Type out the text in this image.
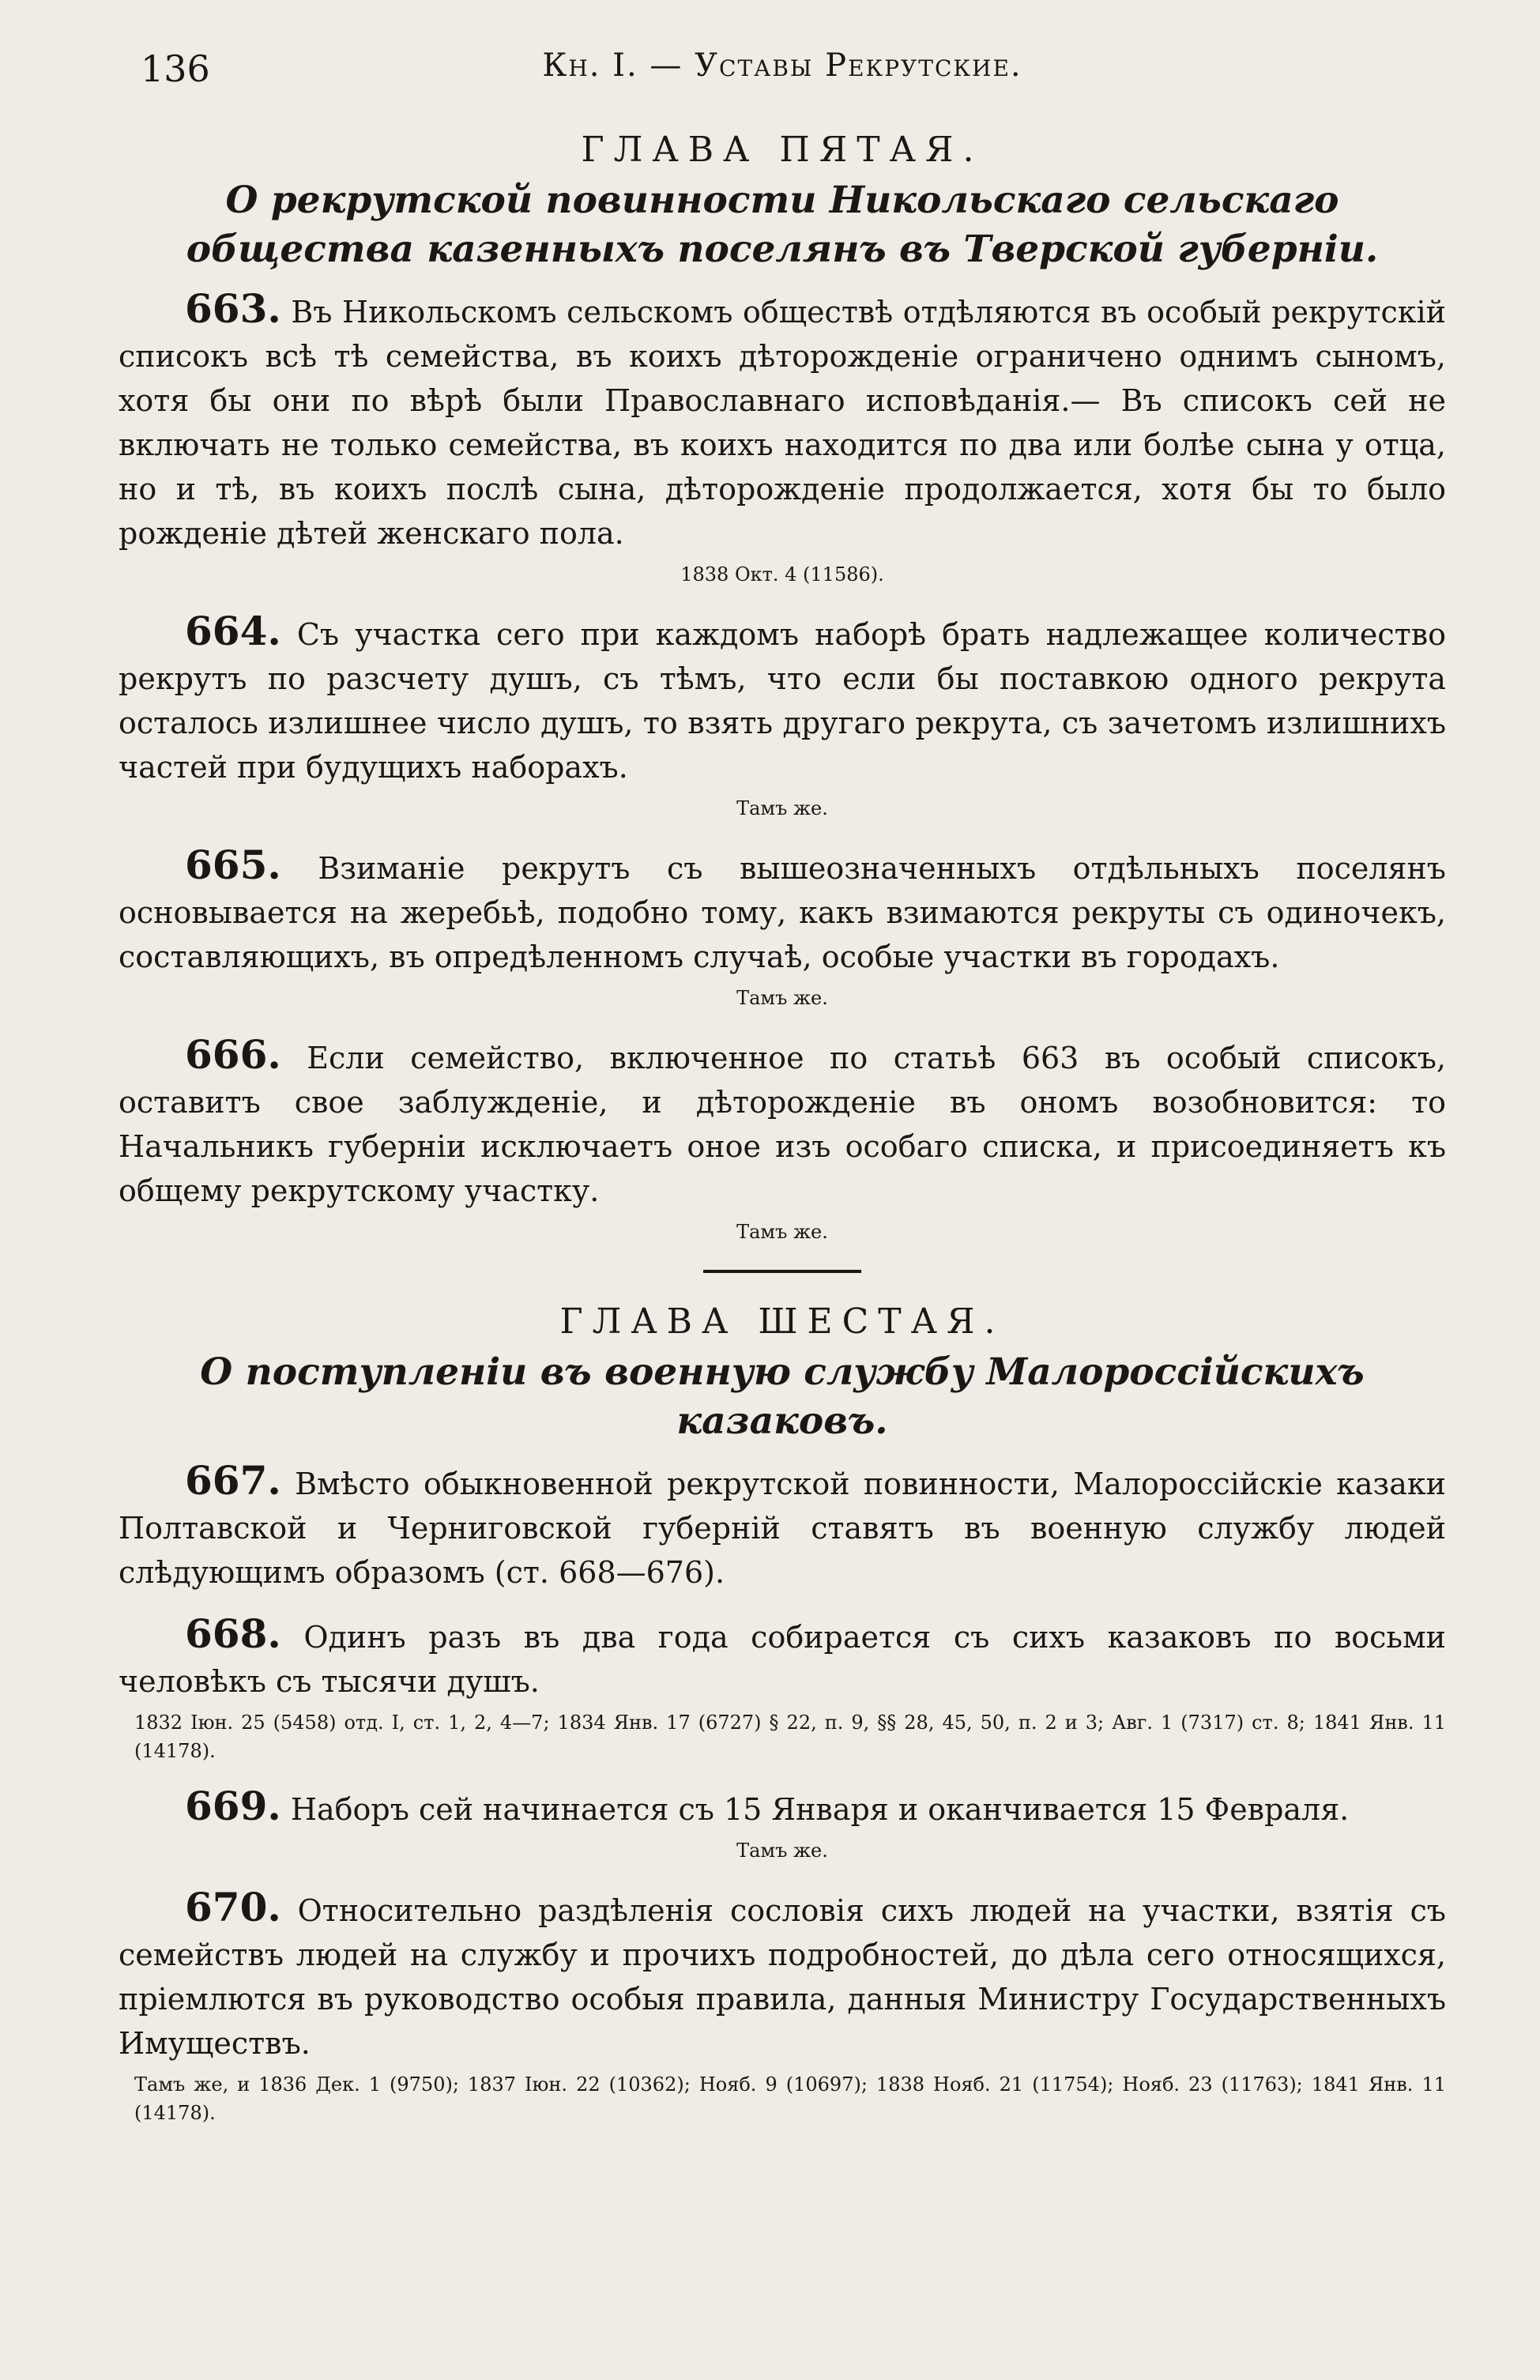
136	Кн. I. — Уставы Рекрутские.
ГЛАВА ПЯТАЯ.
О рекрутской повинности Никольскаго сельскаго общества казенныхъ поселянъ въ Тверской губерніи.

663. Въ Никольскомъ сельскомъ обществѣ отдѣляются въ особый рекрутскій списокъ всѣ тѣ семейства, въ коихъ дѣторожденіе ограничено однимъ сыномъ, хотя бы они по вѣрѣ были Православнаго исповѣданія.— Въ списокъ сей не включать не только семейства, въ коихъ находится по два или болѣе сына у отца, но и тѣ, въ коихъ послѣ сына, дѣторожденіе продолжается, хотя бы то было рожденіе дѣтей женскаго пола.

1838 Окт. 4 (11586).

664. Съ участка сего при каждомъ наборѣ брать надлежащее количество рекрутъ по разсчету душъ, съ тѣмъ, что если бы поставкою одного рекрута осталось излишнее число душъ, то взять другаго рекрута, съ зачетомъ излишнихъ частей при будущихъ наборахъ.

Тамъ же.

665. Взиманіе рекрутъ съ вышеозначенныхъ отдѣльныхъ поселянъ основывается на жеребьѣ, подобно тому, какъ взимаются рекруты съ одиночекъ, составляющихъ, въ опредѣленномъ случаѣ, особые участки въ городахъ.

Тамъ же.

666. Если семейство, включенное по статьѣ 663 въ особый списокъ, оставитъ свое заблужденіе, и дѣторожденіе въ ономъ возобновится: то Начальникъ губерніи исключаетъ оное изъ особаго списка, и присоединяетъ къ общему рекрутскому участку.

Тамъ же.
ГЛАВА ШЕСТАЯ.
О поступленіи въ военную службу Малороссійскихъ казаковъ.

667. Вмѣсто обыкновенной рекрутской повинности, Малороссійскіе казаки Полтавской и Черниговской губерній ставятъ въ военную службу людей слѣдующимъ образомъ (ст. 668—676).

668. Одинъ разъ въ два года собирается съ сихъ казаковъ по восьми человѣкъ съ тысячи душъ.

1832 Іюн. 25 (5458) отд. I, ст. 1, 2, 4—7; 1834 Янв. 17 (6727) § 22, п. 9, §§ 28, 45, 50, п. 2 и 3; Авг. 1 (7317) ст. 8; 1841 Янв. 11 (14178).

669. Наборъ сей начинается съ 15 Января и оканчивается 15 Февраля.

Тамъ же.

670. Относительно раздѣленія сословія сихъ людей на участки, взятія съ семействъ людей на службу и прочихъ подробностей, до дѣла сего относящихся, пріемлются въ руководство особыя правила, данныя Министру Государственныхъ Имуществъ.

Тамъ же, и 1836 Дек. 1 (9750); 1837 Іюн. 22 (10362); Нояб. 9 (10697); 1838 Нояб. 21 (11754); Нояб. 23 (11763); 1841 Янв. 11 (14178).
